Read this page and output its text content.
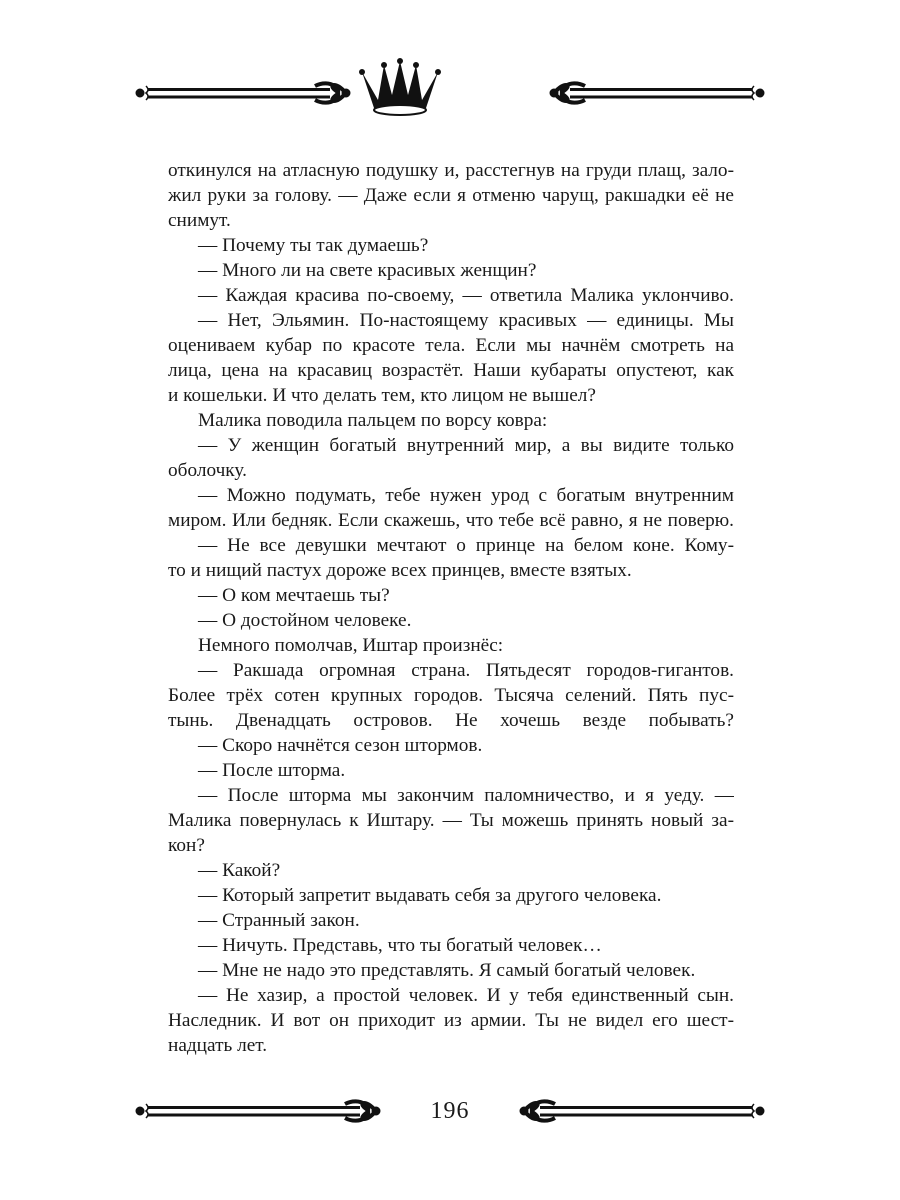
откинулся на атласную подушку и, расстегнув на груди плащ, зало-
жил руки за голову. — Даже если я отменю чарущ, ракшадки её не
снимут.
— Почему ты так думаешь?
— Много ли на свете красивых женщин?
— Каждая красива по-своему, — ответила Малика уклончиво.
— Нет, Эльямин. По-настоящему красивых — единицы. Мы
оцениваем кубар по красоте тела. Если мы начнём смотреть на
лица, цена на красавиц возрастёт. Наши кубараты опустеют, как
и кошельки. И что делать тем, кто лицом не вышел?
Малика поводила пальцем по ворсу ковра:
— У женщин богатый внутренний мир, а вы видите только
оболочку.
— Можно подумать, тебе нужен урод с богатым внутренним
миром. Или бедняк. Если скажешь, что тебе всё равно, я не поверю.
— Не все девушки мечтают о принце на белом коне. Кому-
то и нищий пастух дороже всех принцев, вместе взятых.
— О ком мечтаешь ты?
— О достойном человеке.
Немного помолчав, Иштар произнёс:
— Ракшада огромная страна. Пятьдесят городов-гигантов.
Более трёх сотен крупных городов. Тысяча селений. Пять пус-
тынь. Двенадцать островов. Не хочешь везде побывать?
— Скоро начнётся сезон штормов.
— После шторма.
— После шторма мы закончим паломничество, и я уеду. —
Малика повернулась к Иштару. — Ты можешь принять новый за-
кон?
— Какой?
— Который запретит выдавать себя за другого человека.
— Странный закон.
— Ничуть. Представь, что ты богатый человек…
— Мне не надо это представлять. Я самый богатый человек.
— Не хазир, а простой человек. И у тебя единственный сын.
Наследник. И вот он приходит из армии. Ты не видел его шест-
надцать лет.
196
